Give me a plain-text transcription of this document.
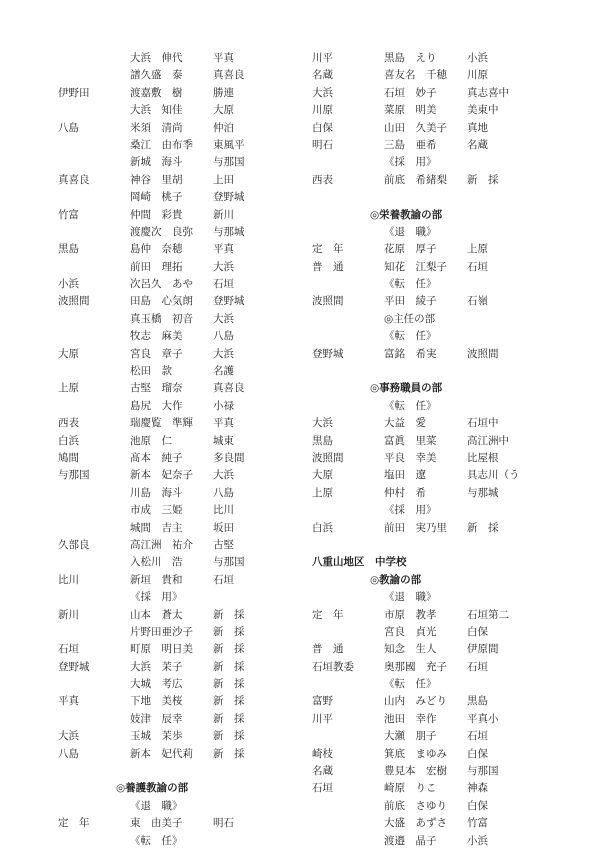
大浜　伸代	平真
譜久盛　泰	真喜良
伊野田	渡嘉敷　樹	勝連
大浜　知佳	大原
八島	米須　清尚	仲泊
桑江　由布季 東風平
新城　海斗	与那国
真喜良	神谷　里胡	上田
岡崎　桃子	登野城
竹富	仲間　彩貴	新川
渡慶次　良弥 与那城
黒島	島仲　奈穂	平真
前田　理拓	大浜
小浜	次呂久　あや 石垣
波照間	田島　心気朗 登野城
真玉橋　初音 大浜
牧志　麻美	八島
大原	宮良　章子	大浜
松田　款	名護
上原	古堅　瑠奈	真喜良
島尻　大作	小禄
西表	瑞慶覧　準輝 平真
白浜	池原　仁	城東
鳩間	髙本　純子	多良間
与那国	新本　妃奈子 大浜
川島　海斗	八島
市成　三姫	比川
城間　吉主	坂田
久部良	高江洲　祐介 古堅
入松川　浩	与那国
比川	新垣　貴和	石垣
《採　用》
新川	山本　蒼太	新　採
片野田亜沙子 新　採
石垣	町原　明日美 新　採
登野城	大浜　茉子	新　採
大城　考広	新　採
平真	下地　美桜	新　採
妓津　辰幸	新　採
大浜	玉城　茉歩	新　採
八島	新本　妃代莉 新　採
◎養護教諭の部
《退　職》
定　年	東　由美子	明石
《転　任》
川平	黒島　えり	小浜
名蔵	喜友名　千穂 川原
大浜	石垣　妙子	真志喜中
川原	菜原　明美	美東中
白保	山田　久美子 真地
明石	三島　亜希	名蔵
《採　用》
西表	前底　希緒梨 新　採
◎栄養教諭の部
《退　職》
定　年	花原　厚子	上原
普　通	知花　江梨子 石垣
《転　任》
波照間	平田　綾子	石嶺
◎主任の部
《転　任》
登野城	富銘　希実	波照間
◎事務職員の部
《転　任》
大浜	大益　愛	石垣中
黒島	富眞　里菜	高江洲中
波照間	平良　幸美	比屋根
大原	塩田　遼	具志川（う
上原	仲村　希	与那城
《採　用》
白浜	前田　実乃里 新　採
八重山地区　中学校
◎教諭の部
《退　職》
定　年	市原　教孝	石垣第二
宮良　貞光	白保
普　通	知念　生人	伊原間
石垣教委	奥那國　充子 石垣
《転　任》
富野	山内　みどり 黒島
川平	池田　幸作	平真小
大瀬　朋子	石垣
崎枝	箕底　まゆみ 白保
名蔵	豊見本　宏樹 与那国
石垣	崎原　りこ	神森
前底　さゆり 白保
大盛　あずさ 竹富
渡邉　晶子	小浜
